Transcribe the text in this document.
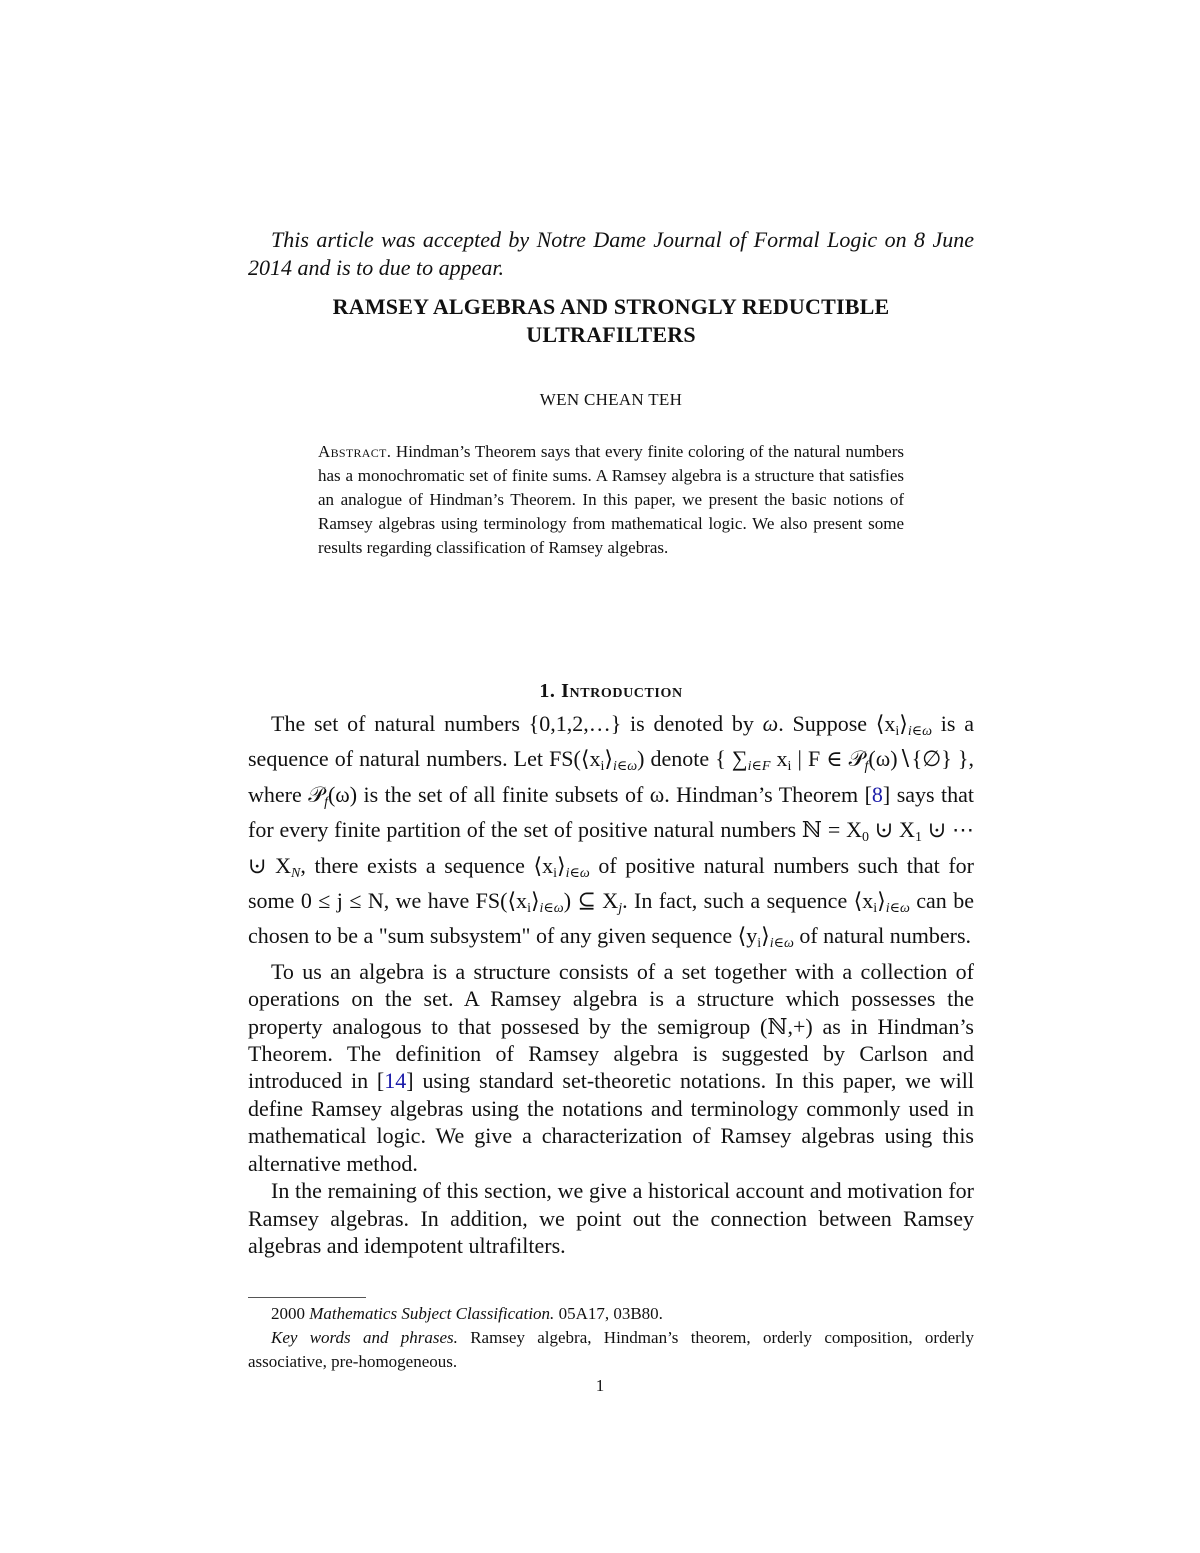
This article was accepted by Notre Dame Journal of Formal Logic on 8 June 2014 and is to due to appear.

RAMSEY ALGEBRAS AND STRONGLY REDUCTIBLE
ULTRAFILTERS
WEN CHEAN TEH
Abstract. Hindman’s Theorem says that every finite coloring of the natural numbers has a monochromatic set of finite sums. A Ramsey algebra is a structure that satisfies an analogue of Hindman’s Theorem. In this paper, we present the basic notions of Ramsey algebras using terminology from mathematical logic. We also present some results regarding classification of Ramsey algebras.
1. Introduction

The set of natural numbers {0,1,2,…} is denoted by ω. Suppose $⟨xi⟩_{i\in\omega}$ is a sequence of natural numbers. Let $FS(⟨xi⟩_{i\in\omega})$ denote { $\sum_{i\in F}$ xi | F ∈ 𝒫$_f$(ω)∖{∅} }, where 𝒫$_f$(ω) is the set of all finite subsets of ω. Hindman’s Theorem [8] says that for every finite partition of the set of positive natural numbers ℕ = X0 ⊍ X1 ⊍ ⋯ ⊍ $X_N$, there exists a sequence $⟨xi⟩_{i\in\omega}$ of positive natural numbers such that for some 0 ≤ j ≤ N, we have $FS(⟨xi⟩_{i\in\omega})$ ⊆ $X_j$. In fact, such a sequence $⟨xi⟩_{i\in\omega}$ can be chosen to be a "sum subsystem" of any given sequence $⟨yi⟩_{i\in\omega}$ of natural numbers.

To us an algebra is a structure consists of a set together with a collection of operations on the set. A Ramsey algebra is a structure which possesses the property analogous to that possesed by the semigroup (ℕ,+) as in Hindman’s Theorem. The definition of Ramsey algebra is suggested by Carlson and introduced in [14] using standard set-theoretic notations. In this paper, we will define Ramsey algebras using the notations and terminology commonly used in mathematical logic. We give a characterization of Ramsey algebras using this alternative method.

In the remaining of this section, we give a historical account and motivation for Ramsey algebras. In addition, we point out the connection between Ramsey algebras and idempotent ultrafilters.

2000 Mathematics Subject Classification. 05A17, 03B80.

Key words and phrases. Ramsey algebra, Hindman’s theorem, orderly composition, orderly associative, pre-homogeneous.

1
